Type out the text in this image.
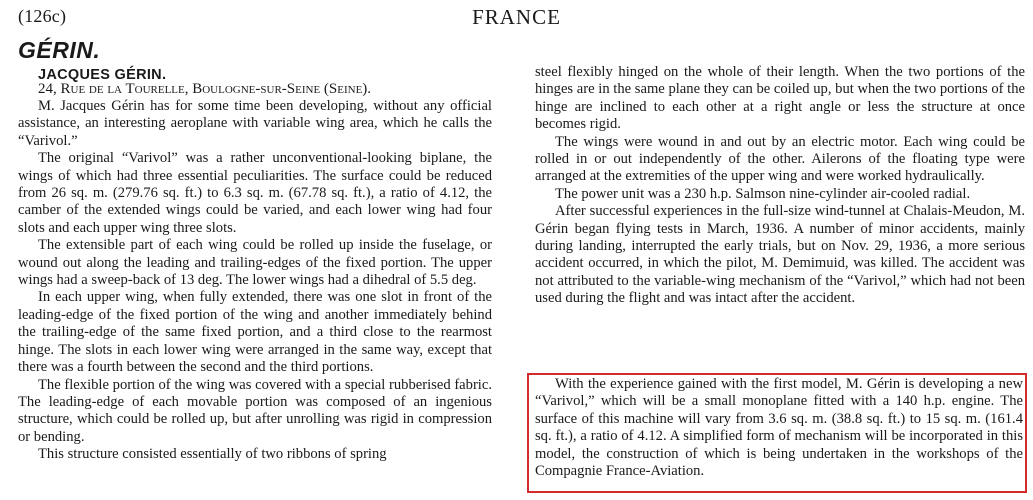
(126c)	FRANCE
GÉRIN.
JACQUES GÉRIN.
24, Rue de la Tourelle, Boulogne-sur-Seine (Seine).

M. Jacques Gérin has for some time been developing, without any official assistance, an interesting aeroplane with variable wing area, which he calls the “Varivol.”

The original “Varivol” was a rather unconventional-looking biplane, the wings of which had three essential peculiarities. The surface could be reduced from 26 sq. m. (279.76 sq. ft.) to 6.3 sq. m. (67.78 sq. ft.), a ratio of 4.12, the camber of the extended wings could be varied, and each lower wing had four slots and each upper wing three slots.

The extensible part of each wing could be rolled up inside the fuselage, or wound out along the leading and trailing-edges of the fixed portion. The upper wings had a sweep-back of 13 deg. The lower wings had a dihedral of 5.5 deg.

In each upper wing, when fully extended, there was one slot in front of the leading-edge of the fixed portion of the wing and another immediately behind the trailing-edge of the same fixed portion, and a third close to the rearmost hinge. The slots in each lower wing were arranged in the same way, except that there was a fourth between the second and the third portions.

The flexible portion of the wing was covered with a special rubberised fabric. The leading-edge of each movable portion was composed of an ingenious structure, which could be rolled up, but after unrolling was rigid in compression or bending.

This structure consisted essentially of two ribbons of spring

steel flexibly hinged on the whole of their length. When the two portions of the hinges are in the same plane they can be coiled up, but when the two portions of the hinge are inclined to each other at a right angle or less the structure at once becomes rigid.

The wings were wound in and out by an electric motor. Each wing could be rolled in or out independently of the other. Ailerons of the floating type were arranged at the extremities of the upper wing and were worked hydraulically.

The power unit was a 230 h.p. Salmson nine-cylinder air-cooled radial.

After successful experiences in the full-size wind-tunnel at Chalais-Meudon, M. Gérin began flying tests in March, 1936. A number of minor accidents, mainly during landing, interrupted the early trials, but on Nov. 29, 1936, a more serious accident occurred, in which the pilot, M. Demimuid, was killed. The accident was not attributed to the variable-wing mechanism of the “Varivol,” which had not been used during the flight and was intact after the accident.

With the experience gained with the first model, M. Gérin is developing a new “Varivol,” which will be a small monoplane fitted with a 140 h.p. engine. The surface of this machine will vary from 3.6 sq. m. (38.8 sq. ft.) to 15 sq. m. (161.4 sq. ft.), a ratio of 4.12. A simplified form of mechanism will be incorporated in this model, the construction of which is being undertaken in the workshops of the Compagnie France-Aviation.
